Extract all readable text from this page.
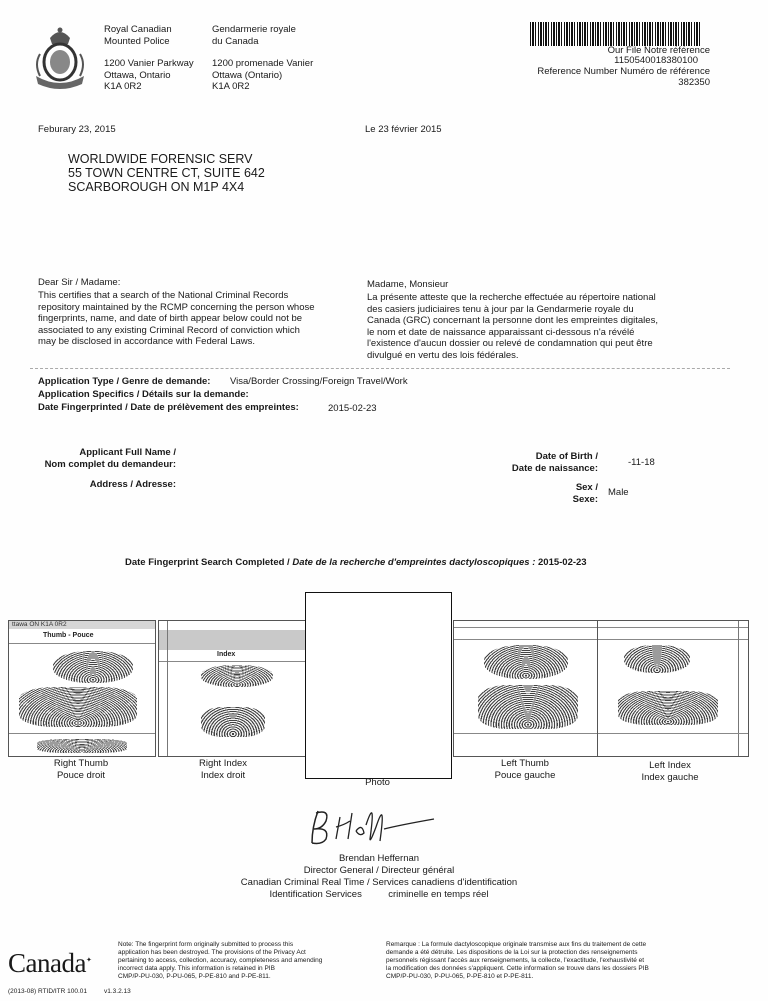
Royal Canadian
Mounted Police
Gendarmerie royale
du Canada
1200 Vanier Parkway
Ottawa, Ontario
K1A 0R2
1200 promenade Vanier
Ottawa (Ontario)
K1A 0R2
Our File Notre référence
1150540018380100
Reference Number Numéro de référence
382350
Feburary 23, 2015	Le 23 février 2015
WORLDWIDE FORENSIC SERV
55 TOWN CENTRE CT, SUITE 642
SCARBOROUGH ON M1P 4X4
Dear Sir / Madame:
This certifies that a search of the National Criminal Records
repository maintained by the RCMP concerning the person whose
fingerprints, name, and date of birth appear below could not be
associated to any existing Criminal Record of conviction which
may be disclosed in accordance with Federal Laws.
Madame, Monsieur
La présente atteste que la recherche effectuée au répertoire national
des casiers judiciaires tenu à jour par la Gendarmerie royale du
Canada (GRC) concernant la personne dont les empreintes digitales,
le nom et date de naissance apparaissant ci-dessous n'a révélé
l'existence d'aucun dossier ou relevé de condamnation qui peut être
divulgué en vertu des lois fédérales.
Application Type / Genre de demande: Visa/Border Crossing/Foreign Travel/Work
Application Specifics / Détails sur la demande:
Date Fingerprinted / Date de prélèvement des empreintes:	2015-02-23
Applicant Full Name /
Nom complet du demandeur:
Address / Adresse:
Date of Birth /
Date de naissance:	-11-18
Sex /
Sexe:
Male
Date Fingerprint Search Completed / Date de la recherche d'empreintes dactyloscopiques : 2015-02-23
ttawa ON K1A 0R2
Thumb - Pouce
Index
Right Thumb
Pouce droit
Right Index
Index droit
Photo
Left Thumb
Pouce gauche
Left Index
Index gauche
Brendan Heffernan
Director General / Directeur général
Canadian Criminal Real Time / Services canadiens d'identification
Identification Services          criminelle en temps réel
Canada✦
Note: The fingerprint form originally submitted to process this
application has been destroyed. The provisions of the Privacy Act
pertaining to access, collection, accuracy, completeness and amending
incorrect data apply. This information is retained in PIB
CMP/P-PU-030, P-PU-065, P-PE-810 and P-PE-811.
Remarque : La formule dactyloscopique originale transmise aux fins du traitement de cette
demande a été détruite. Les dispositions de la Loi sur la protection des renseignements
personnels régissant l'accès aux renseignements, la collecte, l'exactitude, l'exhaustivité et
la modification des données s'appliquent. Cette information se trouve dans les dossiers PIB
CMP/P-PU-030, P-PU-065, P-PE-810 et P-PE-811.
(2013-08) RTID/ITR 100.01	v1.3.2.13
